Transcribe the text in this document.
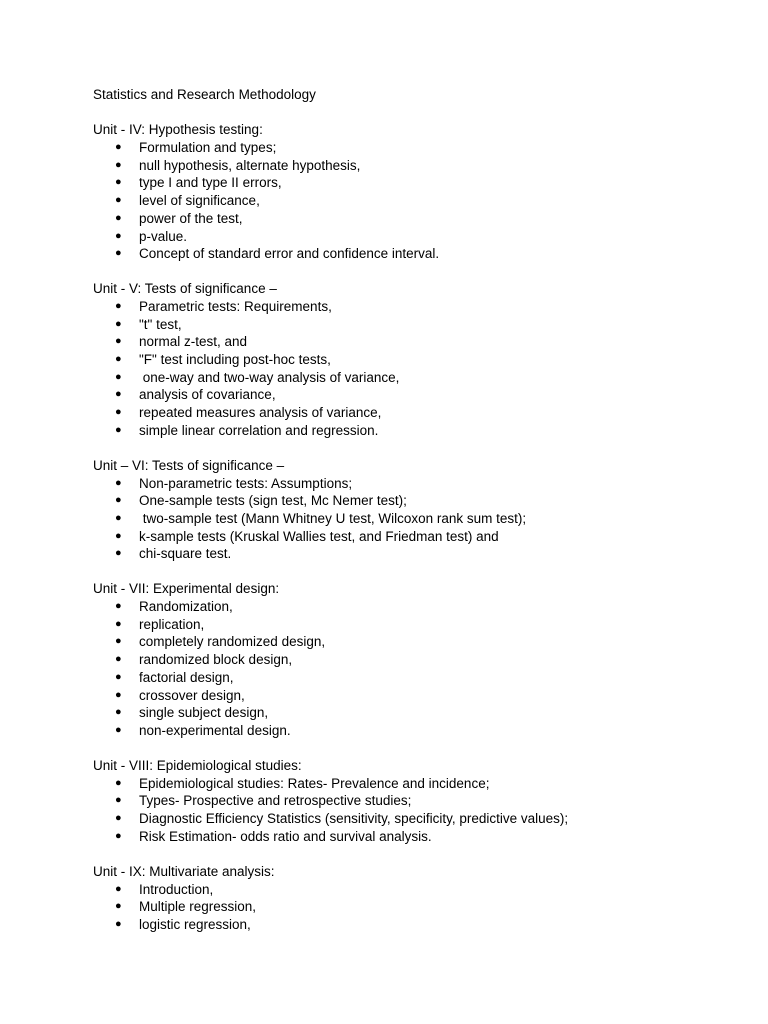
Statistics and Research Methodology
Unit - IV: Hypothesis testing:
● Formulation and types;
● null hypothesis, alternate hypothesis,
● type I and type II errors,
● level of significance,
● power of the test,
● p-value.
● Concept of standard error and confidence interval.
Unit - V: Tests of significance –
● Parametric tests: Requirements,
● "t" test,
● normal z-test, and
● "F" test including post-hoc tests,
●  one-way and two-way analysis of variance,
● analysis of covariance,
● repeated measures analysis of variance,
● simple linear correlation and regression.
Unit – VI: Tests of significance –
● Non-parametric tests: Assumptions;
● One-sample tests (sign test, Mc Nemer test);
●  two-sample test (Mann Whitney U test, Wilcoxon rank sum test);
● k-sample tests (Kruskal Wallies test, and Friedman test) and
● chi-square test.
Unit - VII: Experimental design:
● Randomization,
● replication,
● completely randomized design,
● randomized block design,
● factorial design,
● crossover design,
● single subject design,
● non-experimental design.
Unit - VIII: Epidemiological studies:
● Epidemiological studies: Rates- Prevalence and incidence;
● Types- Prospective and retrospective studies;
● Diagnostic Efficiency Statistics (sensitivity, specificity, predictive values);
● Risk Estimation- odds ratio and survival analysis.
Unit - IX: Multivariate analysis:
● Introduction,
● Multiple regression,
● logistic regression,
